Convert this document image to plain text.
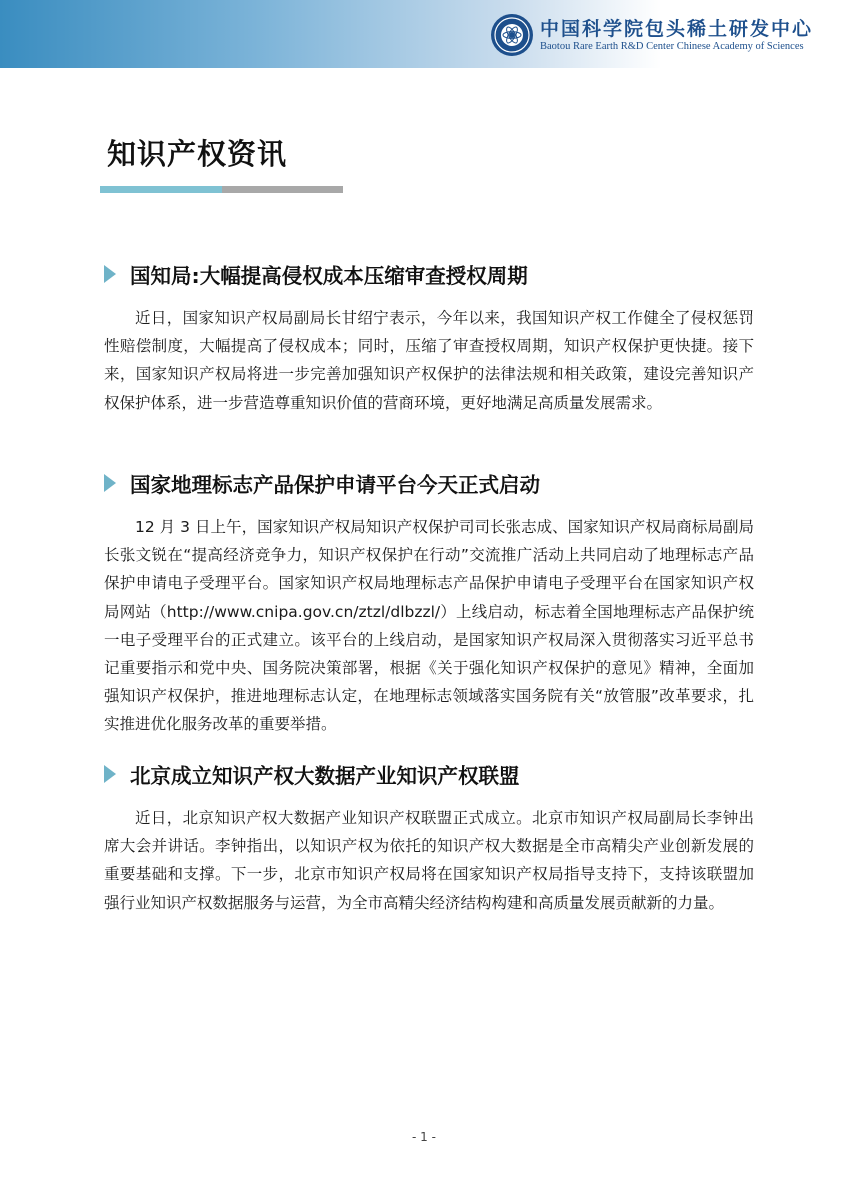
中国科学院包头稀土研发中心
Baotou Rare Earth R&D Center Chinese Academy of Sciences
知识产权资讯
国知局:大幅提高侵权成本压缩审查授权周期

近日，国家知识产权局副局长甘绍宁表示，今年以来，我国知识产权工作健全了侵权惩罚性赔偿制度，大幅提高了侵权成本；同时，压缩了审查授权周期，知识产权保护更快捷。接下来，国家知识产权局将进一步完善加强知识产权保护的法律法规和相关政策，建设完善知识产权保护体系，进一步营造尊重知识价值的营商环境，更好地满足高质量发展需求。

国家地理标志产品保护申请平台今天正式启动

12 月 3 日上午，国家知识产权局知识产权保护司司长张志成、国家知识产权局商标局副局长张文锐在“提高经济竞争力，知识产权保护在行动”交流推广活动上共同启动了地理标志产品保护申请电子受理平台。国家知识产权局地理标志产品保护申请电子受理平台在国家知识产权局网站（http://www.cnipa.gov.cn/ztzl/dlbzzl/）上线启动，标志着全国地理标志产品保护统一电子受理平台的正式建立。该平台的上线启动，是国家知识产权局深入贯彻落实习近平总书记重要指示和党中央、国务院决策部署，根据《关于强化知识产权保护的意见》精神，全面加强知识产权保护，推进地理标志认定，在地理标志领域落实国务院有关“放管服”改革要求，扎实推进优化服务改革的重要举措。

北京成立知识产权大数据产业知识产权联盟

近日，北京知识产权大数据产业知识产权联盟正式成立。北京市知识产权局副局长李钟出席大会并讲话。李钟指出，以知识产权为依托的知识产权大数据是全市高精尖产业创新发展的重要基础和支撑。下一步，北京市知识产权局将在国家知识产权局指导支持下，支持该联盟加强行业知识产权数据服务与运营，为全市高精尖经济结构构建和高质量发展贡献新的力量。

- 1 -
